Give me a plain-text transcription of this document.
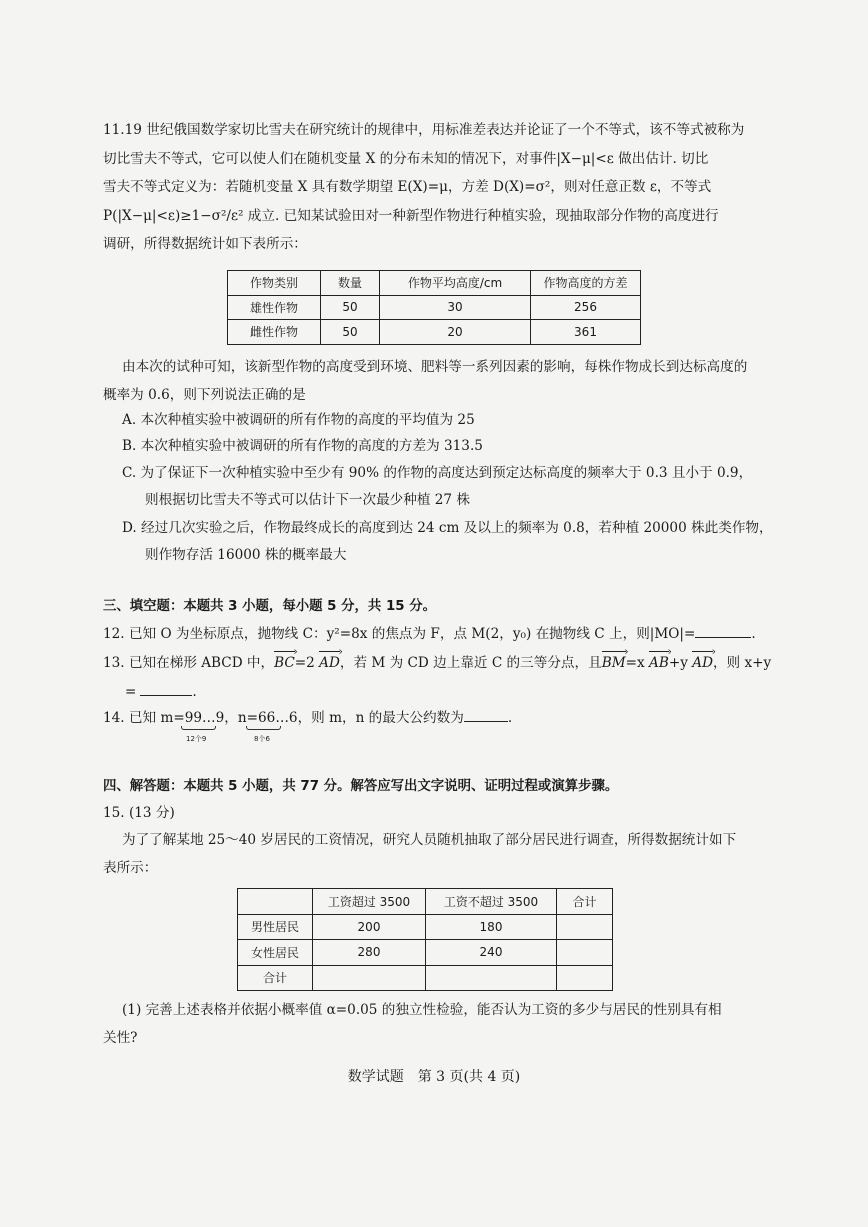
11.19 世纪俄国数学家切比雪夫在研究统计的规律中，用标准差表达并论证了一个不等式，该不等式被称为
切比雪夫不等式，它可以使人们在随机变量 X 的分布未知的情况下，对事件|X−μ|<ε 做出估计. 切比
雪夫不等式定义为：若随机变量 X 具有数学期望 E(X)=μ，方差 D(X)=σ²，则对任意正数 ε，不等式
P(|X−μ|<ε)≥1−σ²/ε² 成立. 已知某试验田对一种新型作物进行种植实验，现抽取部分作物的高度进行
调研，所得数据统计如下表所示：
作物类别	数量	作物平均高度/cm	作物高度的方差
雄性作物	50	30	256
雌性作物	50	20	361
由本次的试种可知，该新型作物的高度受到环境、肥料等一系列因素的影响，每株作物成长到达标高度的
概率为 0.6，则下列说法正确的是
A. 本次种植实验中被调研的所有作物的高度的平均值为 25
B. 本次种植实验中被调研的所有作物的高度的方差为 313.5
C. 为了保证下一次种植实验中至少有 90% 的作物的高度达到预定达标高度的频率大于 0.3 且小于 0.9，
则根据切比雪夫不等式可以估计下一次最少种植 27 株
D. 经过几次实验之后，作物最终成长的高度到达 24 cm 及以上的频率为 0.8，若种植 20000 株此类作物，
则作物存活 16000 株的概率最大
三、填空题：本题共 3 小题，每小题 5 分，共 15 分。
12. 已知 O 为坐标原点，抛物线 C：y²=8x 的焦点为 F，点 M(2，y₀) 在抛物线 C 上，则|MO|=	.
13. 已知在梯形 ABCD 中，BC ›=2 AD ›，若 M 为 CD 边上靠近 C 的三等分点，且BM ›=x AB ›+y AD ›，则 x+y
=	.
14. 已知 m=99…9，n=66…6，则 m，n 的最大公约数为	.
12个9	8个6
四、解答题：本题共 5 小题，共 77 分。解答应写出文字说明、证明过程或演算步骤。
15. (13 分)
为了了解某地 25～40 岁居民的工资情况，研究人员随机抽取了部分居民进行调查，所得数据统计如下
表所示：
	工资超过 3500	工资不超过 3500	合计
男性居民	200	180	
女性居民	280	240	
合计			
(1) 完善上述表格并依据小概率值 α=0.05 的独立性检验，能否认为工资的多少与居民的性别具有相
关性?
数学试题　第 3 页(共 4 页)
